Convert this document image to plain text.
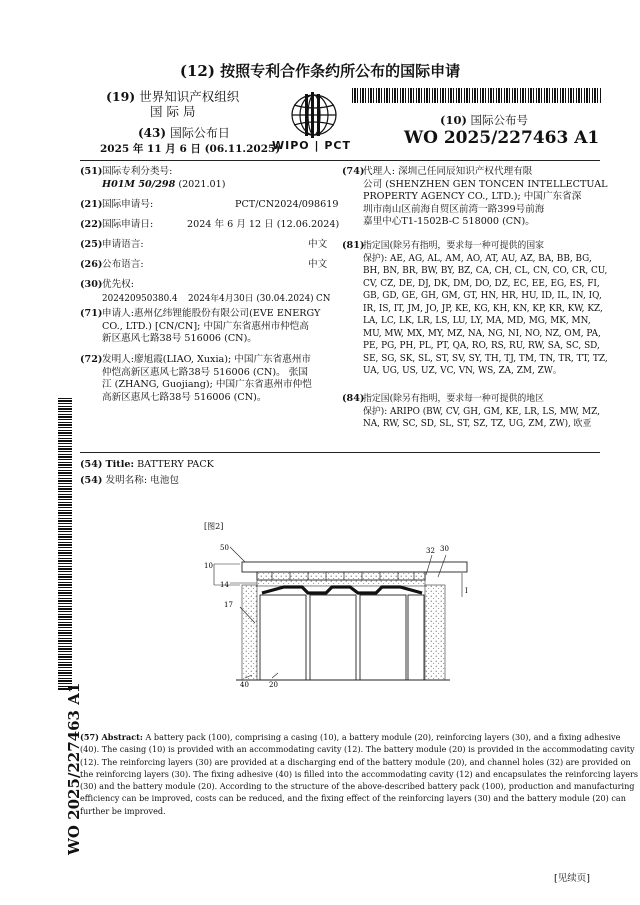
(12) 按照专利合作条约所公布的国际申请
(19) 世界知识产权组织
国 际 局
(43) 国际公布日
2025 年 11 月 6 日 (06.11.2025)
WIPO | PCT
(10) 国际公布号
WO 2025/227463 A1
WO 2025/227463 A1
(51) 国际专利分类号:
H01M 50/298 (2021.01)
(21) 国际申请号:	PCT/CN2024/098619
(22) 国际申请日:	2024 年 6 月 12 日 (12.06.2024)
(25) 申请语言:	中文
(26) 公布语言:	中文
(30) 优先权:
202420950380.4 2024年4月30日 (30.04.2024) CN
(71) 申请人:惠州亿纬锂能股份有限公司(EVE ENERGY
CO., LTD.) [CN/CN]; 中国广东省惠州市仲恺高
新区惠风七路38号 516006 (CN)。
(72) 发明人:廖旭霞(LIAO, Xuxia); 中国广东省惠州市
仲恺高新区惠风七路38号 516006 (CN)。 张国
江 (ZHANG, Guojiang); 中国广东省惠州市仲恺
高新区惠风七路38号 516006 (CN)。
(74)
代理人: 深圳己任同辰知识产权代理有限
公司 (SHENZHEN GEN TONCEN INTELLECTUAL
PROPERTY AGENCY CO., LTD.); 中国广东省深
圳市南山区前海自贸区前湾一路399号前海
嘉里中心T1-1502B-C 518000 (CN)。
(81)
指定国(除另有指明，要求每一种可提供的国家
保护): AE, AG, AL, AM, AO, AT, AU, AZ, BA, BB, BG,
BH, BN, BR, BW, BY, BZ, CA, CH, CL, CN, CO, CR, CU,
CV, CZ, DE, DJ, DK, DM, DO, DZ, EC, EE, EG, ES, FI,
GB, GD, GE, GH, GM, GT, HN, HR, HU, ID, IL, IN, IQ,
IR, IS, IT, JM, JO, JP, KE, KG, KH, KN, KP, KR, KW, KZ,
LA, LC, LK, LR, LS, LU, LY, MA, MD, MG, MK, MN,
MU, MW, MX, MY, MZ, NA, NG, NI, NO, NZ, OM, PA,
PE, PG, PH, PL, PT, QA, RO, RS, RU, RW, SA, SC, SD,
SE, SG, SK, SL, ST, SV, SY, TH, TJ, TM, TN, TR, TT, TZ,
UA, UG, US, UZ, VC, VN, WS, ZA, ZM, ZW。
(84)
指定国(除另有指明，要求每一种可提供的地区
保护): ARIPO (BW, CV, GH, GM, KE, LR, LS, MW, MZ,
NA, RW, SC, SD, SL, ST, SZ, TZ, UG, ZM, ZW), 欧亚
(54) Title: BATTERY PACK
(54) 发明名称: 电池包
[图2]
50
10
14
17
40	20
32 30
I
(57) Abstract: A battery pack (100), comprising a casing (10), a battery module (20), reinforcing layers (30), and a fixing adhesive
(40). The casing (10) is provided with an accommodating cavity (12). The battery module (20) is provided in the accommodating cavity
(12). The reinforcing layers (30) are provided at a discharging end of the battery module (20), and channel holes (32) are provided on
the reinforcing layers (30). The fixing adhesive (40) is filled into the accommodating cavity (12) and encapsulates the reinforcing layers
(30) and the battery module (20). According to the structure of the above-described battery pack (100), production and manufacturing
efficiency can be improved, costs can be reduced, and the fixing effect of the reinforcing layers (30) and the battery module (20) can
further be improved.
[见续页]
